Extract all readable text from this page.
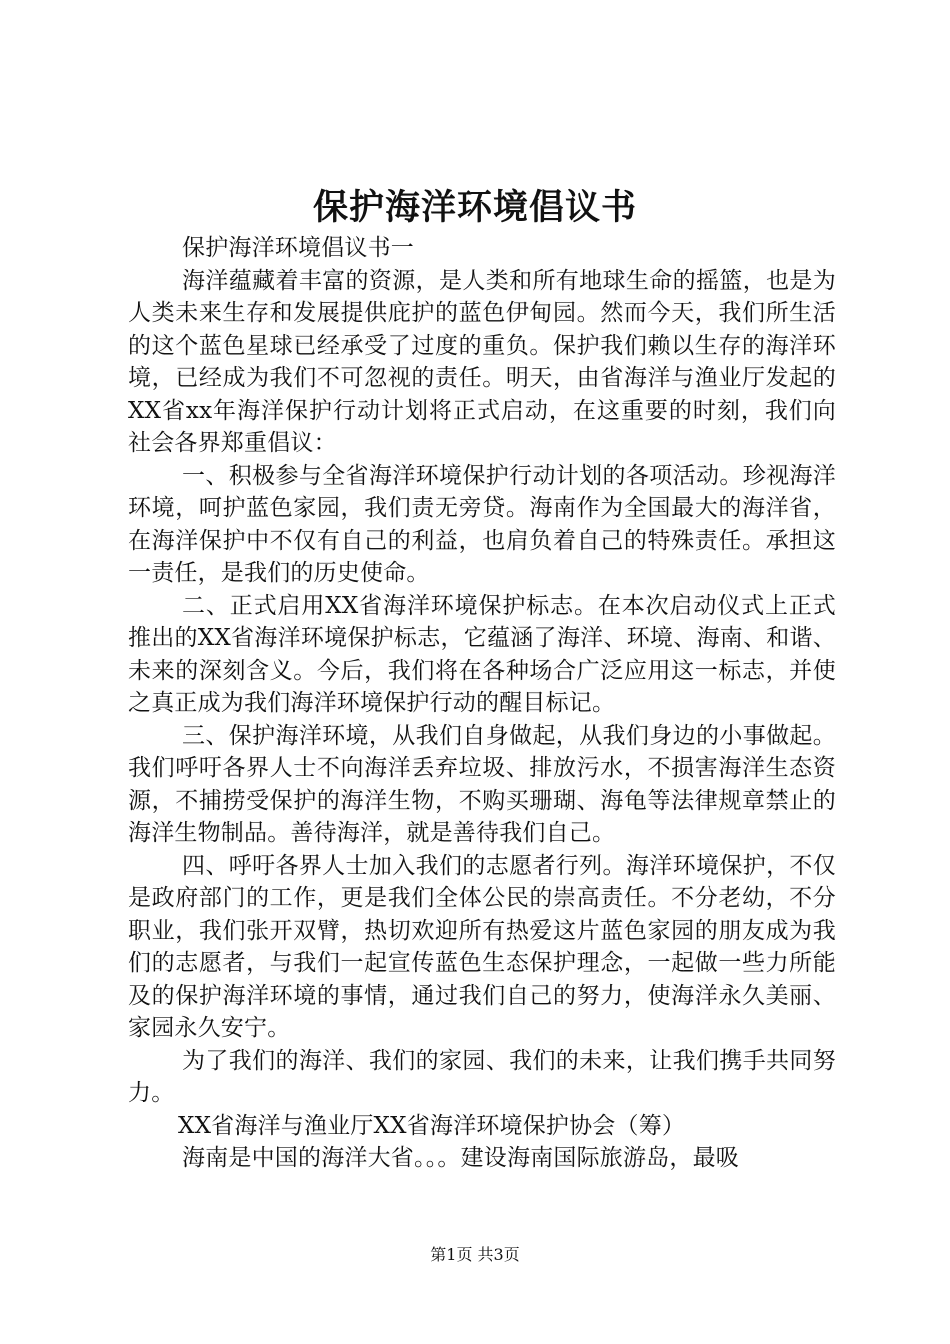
保护海洋环境倡议书

保护海洋环境倡议书一

海洋蕴藏着丰富的资源，是人类和所有地球生命的摇篮，也是为人类未来生存和发展提供庇护的蓝色伊甸园。然而今天，我们所生活的这个蓝色星球已经承受了过度的重负。保护我们赖以生存的海洋环境，已经成为我们不可忽视的责任。明天，由省海洋与渔业厅发起的XX省xx年海洋保护行动计划将正式启动，在这重要的时刻，我们向社会各界郑重倡议：

一、积极参与全省海洋环境保护行动计划的各项活动。珍视海洋环境，呵护蓝色家园，我们责无旁贷。海南作为全国最大的海洋省，在海洋保护中不仅有自己的利益，也肩负着自己的特殊责任。承担这一责任，是我们的历史使命。

二、正式启用XX省海洋环境保护标志。在本次启动仪式上正式推出的XX省海洋环境保护标志，它蕴涵了海洋、环境、海南、和谐、未来的深刻含义。今后，我们将在各种场合广泛应用这一标志，并使之真正成为我们海洋环境保护行动的醒目标记。

三、保护海洋环境，从我们自身做起，从我们身边的小事做起。我们呼吁各界人士不向海洋丢弃垃圾、排放污水，不损害海洋生态资源，不捕捞受保护的海洋生物，不购买珊瑚、海龟等法律规章禁止的海洋生物制品。善待海洋，就是善待我们自己。

四、呼吁各界人士加入我们的志愿者行列。海洋环境保护，不仅是政府部门的工作，更是我们全体公民的崇高责任。不分老幼，不分职业，我们张开双臂，热切欢迎所有热爱这片蓝色家园的朋友成为我们的志愿者，与我们一起宣传蓝色生态保护理念，一起做一些力所能及的保护海洋环境的事情，通过我们自己的努力，使海洋永久美丽、家园永久安宁。

为了我们的海洋、我们的家园、我们的未来，让我们携手共同努力。

XX省海洋与渔业厅XX省海洋环境保护协会（筹）

海南是中国的海洋大省。。。建设海南国际旅游岛，最吸

第1页 共3页
